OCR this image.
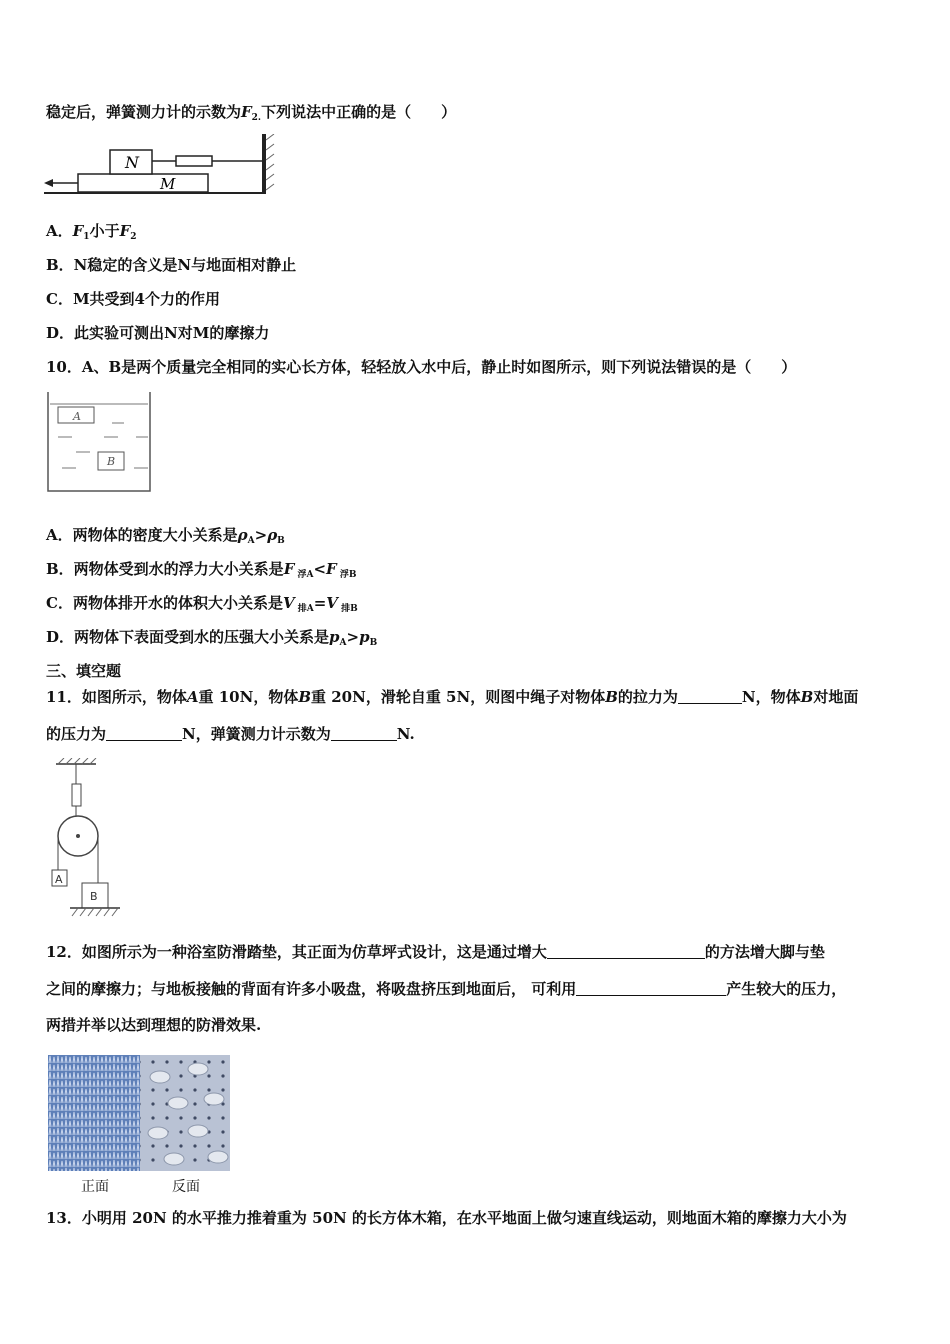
稳定后，弹簧测力计的示数为$F_{2.}$下列说法中正确的是（　　）
N
M
A．$F_1$小于$F_2$
B．N稳定的含义是N与地面相对静止
C．M共受到4个力的作用
D．此实验可测出N对M的摩擦力
10．A、B是两个质量完全相同的实心长方体，轻轻放入水中后，静止时如图所示，则下列说法错误的是（　　）
A
B
A．两物体的密度大小关系是$\rho_A>\rho_B$
B．两物体受到水的浮力大小关系是F $_{浮A}$<F $_{浮B}$
C．两物体排开水的体积大小关系是V $_{排A}$=V $_{排B}$
D．两物体下表面受到水的压强大小关系是$p_A>p_B$
三、填空题
11．如图所示，物体A重 10N，物体B重 20N，滑轮自重 5N，则图中绳子对物体B的拉力为	N，物体B对地面
的压力为	N，弹簧测力计示数为	N.
A
B
12．如图所示为一种浴室防滑踏垫，其正面为仿草坪式设计，这是通过增大	的方法增大脚与垫
之间的摩擦力；与地板接触的背面有许多小吸盘，将吸盘挤压到地面后， 可利用	产生较大的压力，
两措并举以达到理想的防滑效果.
正面	反面
13．小明用 20N 的水平推力推着重为 50N 的长方体木箱，在水平地面上做匀速直线运动，则地面木箱的摩擦力大小为
